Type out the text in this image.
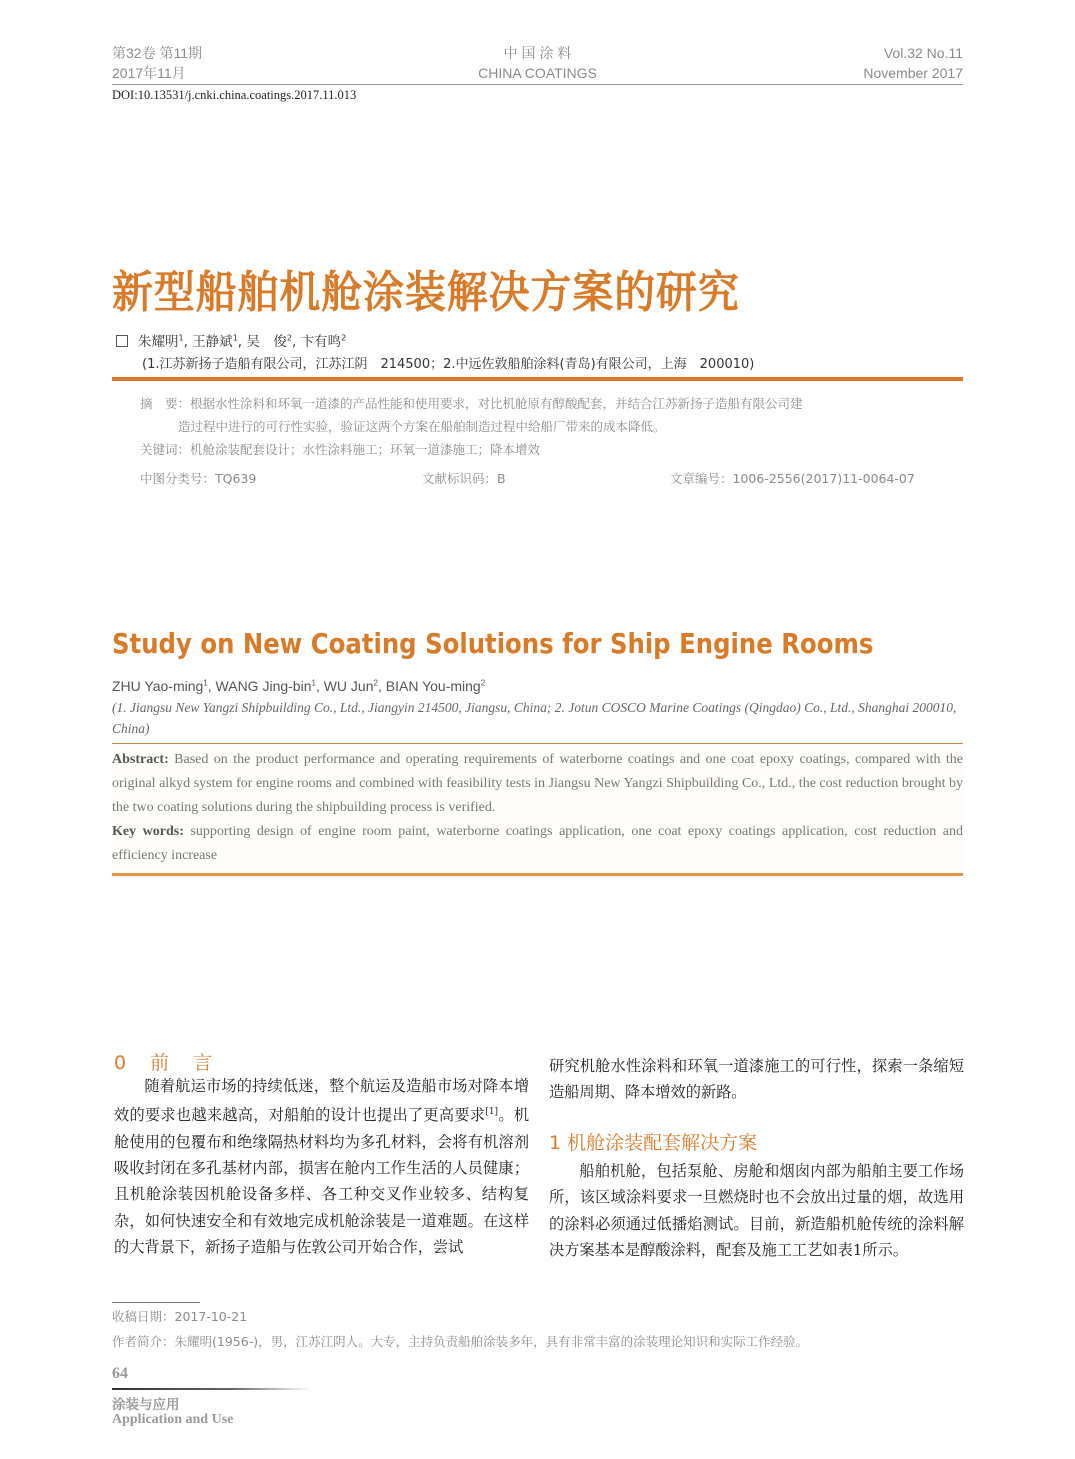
第32卷 第11期
2017年11月
中 国 涂 料
CHINA COATINGS
Vol.32 No.11
November 2017
DOI:10.13531/j.cnki.china.coatings.2017.11.013
新型船舶机舱涂装解决方案的研究
朱耀明$^1$, 王静斌$^1$, 吴　俊$^2$, 卞有鸣$^2$
(1.江苏新扬子造船有限公司，江苏江阴　214500；2.中远佐敦船舶涂料(青岛)有限公司，上海　200010)
摘　要：根据水性涂料和环氧一道漆的产品性能和使用要求，对比机舱原有醇酸配套，并结合江苏新扬子造船有限公司建
造过程中进行的可行性实验，验证这两个方案在船舶制造过程中给船厂带来的成本降低。
关键词：机舱涂装配套设计；水性涂料施工；环氧一道漆施工；降本增效
中图分类号：TQ639	文献标识码：B	文章编号：1006-2556(2017)11-0064-07
Study on New Coating Solutions for Ship Engine Rooms
ZHU Yao-ming$^1$, WANG Jing-bin$^1$, WU Jun$^2$, BIAN You-ming$^2$
(1. Jiangsu New Yangzi Shipbuilding Co., Ltd., Jiangyin 214500, Jiangsu, China; 2. Jotun COSCO Marine Coatings (Qingdao) Co., Ltd., Shanghai 200010, China)
Abstract: Based on the product performance and operating requirements of waterborne coatings and one coat epoxy coatings, compared with the original alkyd system for engine rooms and combined with feasibility tests in Jiangsu New Yangzi Shipbuilding Co., Ltd., the cost reduction brought by the two coating solutions during the shipbuilding process is verified.
Key words: supporting design of engine room paint, waterborne coatings application, one coat epoxy coatings application, cost reduction and efficiency increase
0 前 言

随着航运市场的持续低迷，整个航运及造船市场对降本增效的要求也越来越高，对船舶的设计也提出了更高要求[1]。机舱使用的包覆布和绝缘隔热材料均为多孔材料，会将有机溶剂吸收封闭在多孔基材内部，损害在舱内工作生活的人员健康；且机舱涂装因机舱设备多样、各工种交叉作业较多、结构复杂，如何快速安全和有效地完成机舱涂装是一道难题。在这样的大背景下，新扬子造船与佐敦公司开始合作，尝试

研究机舱水性涂料和环氧一道漆施工的可行性，探索一条缩短造船周期、降本增效的新路。

1 机舱涂装配套解决方案

船舶机舱，包括泵舱、房舱和烟囱内部为船舶主要工作场所，该区域涂料要求一旦燃烧时也不会放出过量的烟，故选用的涂料必须通过低播焰测试。目前，新造船机舱传统的涂料解决方案基本是醇酸涂料，配套及施工工艺如表1所示。

收稿日期：2017-10-21
作者简介：朱耀明(1956-)，男，江苏江阴人。大专，主持负责船舶涂装多年，具有非常丰富的涂装理论知识和实际工作经验。
64
涂装与应用
Application and Use
